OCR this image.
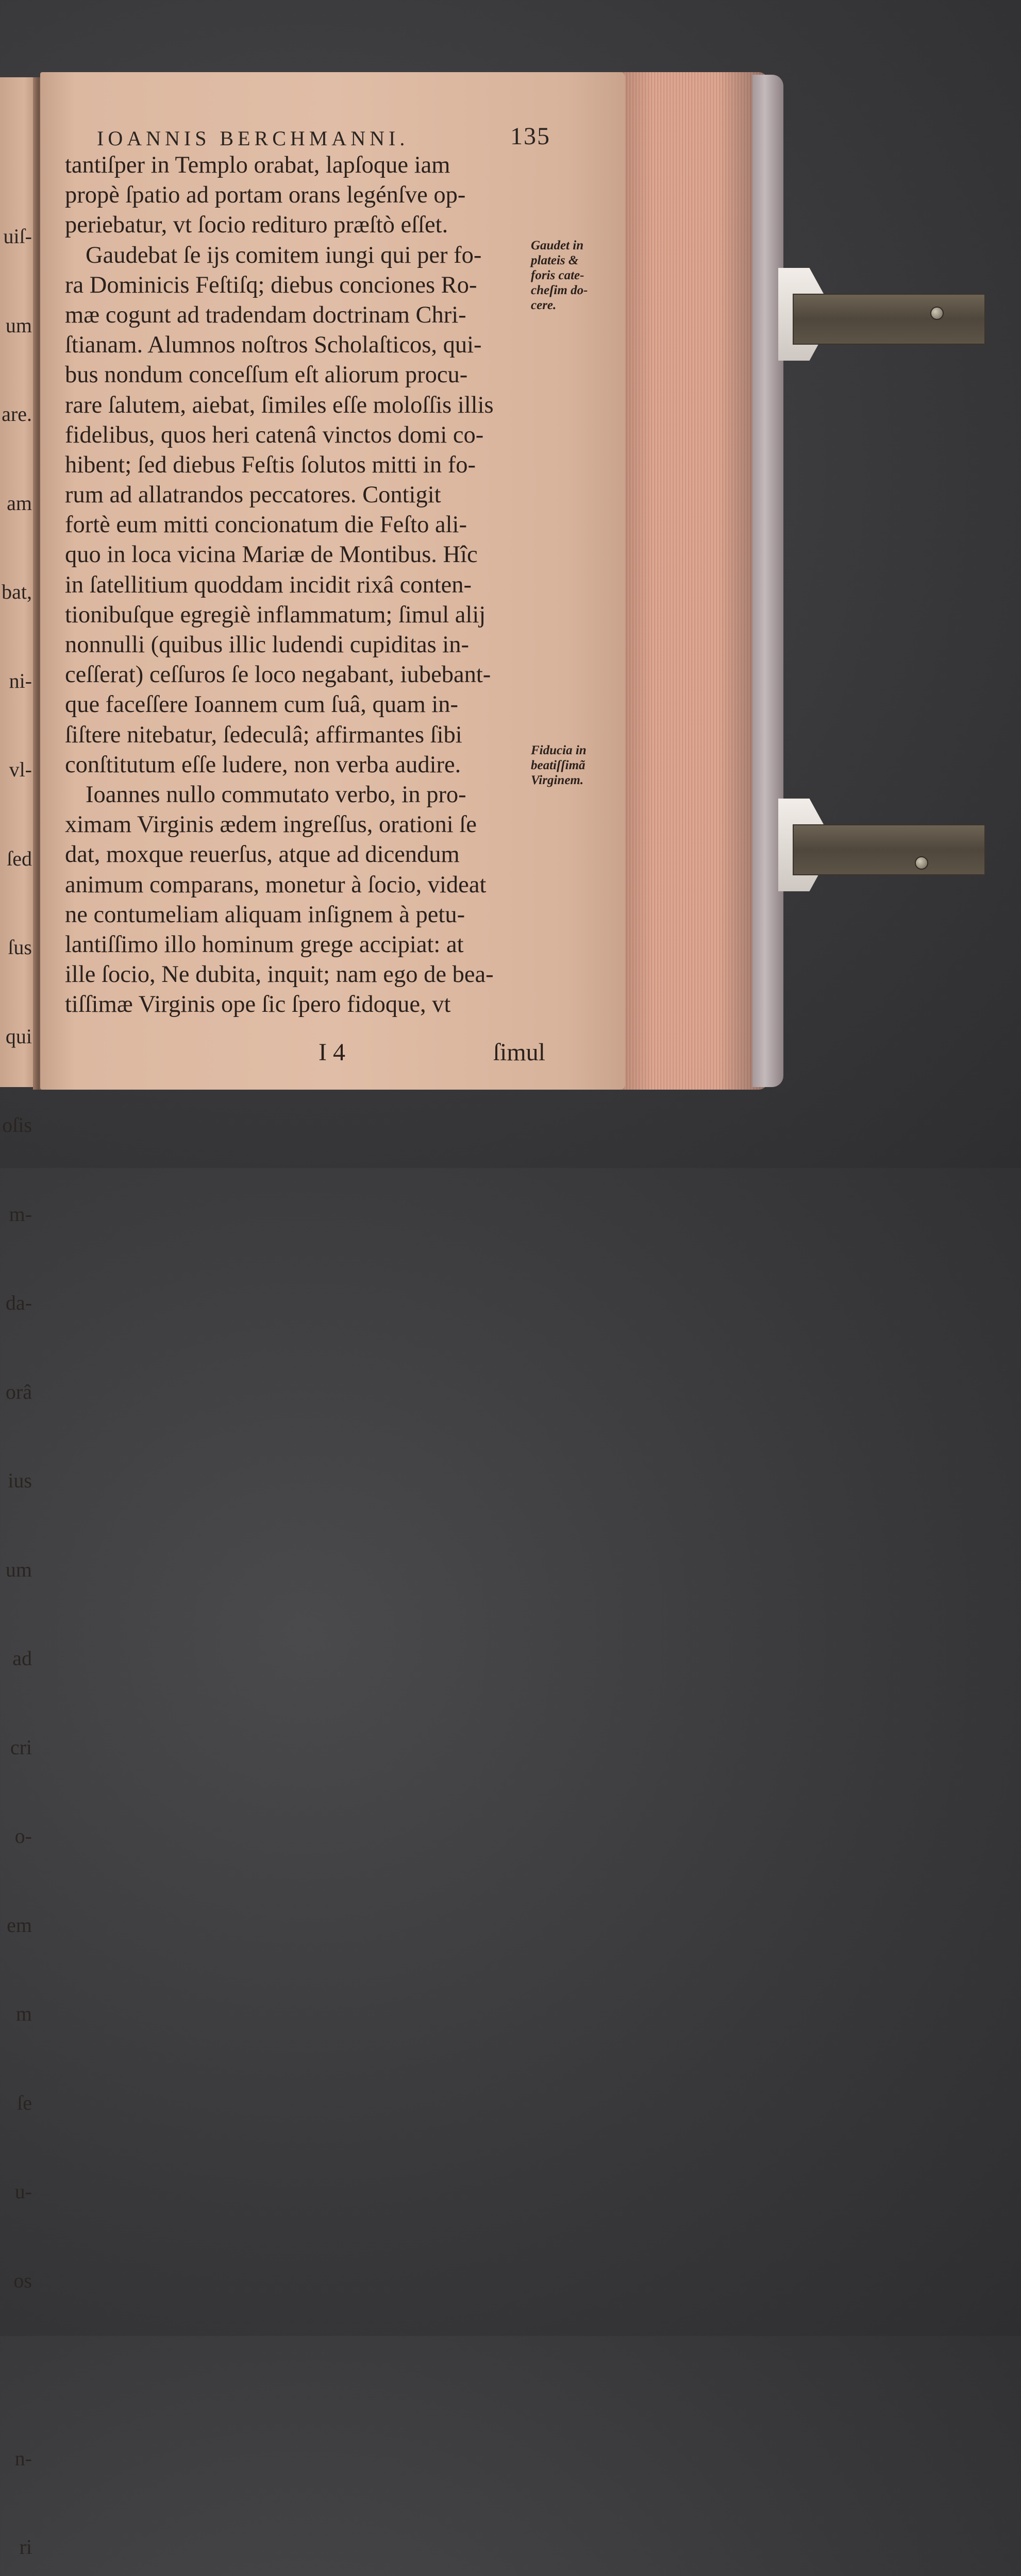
uiſ-

um

are.

am

bat,

ni-

vl-

ſed

ſus

qui

oſis

m-

da-

orâ

ius

um

ad

cri

o-

em

m

ſe

u-

os

n-

ri

IOANNIS BERCHMANNI.	135
tantiſper in Templo orabat, lapſoque iam
propè ſpatio ad portam orans legénſve op-
periebatur, vt ſocio redituro præſtò eſſet.
Gaudebat ſe ijs comitem iungi qui per fo-
ra Dominicis Feſtiſq; diebus conciones Ro-
mæ cogunt ad tradendam doctrinam Chri-
ſtianam. Alumnos noſtros Scholaſticos, qui-
bus nondum conceſſum eſt aliorum procu-
rare ſalutem, aiebat, ſimiles eſſe moloſſis illis
fidelibus, quos heri catenâ vinctos domi co-
hibent; ſed diebus Feſtis ſolutos mitti in fo-
rum ad allatrandos peccatores. Contigit
fortè eum mitti concionatum die Feſto ali-
quo in loca vicina Mariæ de Montibus. Hîc
in ſatellitium quoddam incidit rixâ conten-
tionibuſque egregiè inflammatum; ſimul alij
nonnulli (quibus illic ludendi cupiditas in-
ceſſerat) ceſſuros ſe loco negabant, iubebant-
que faceſſere Ioannem cum ſuâ, quam in-
ſiſtere nitebatur, ſedeculâ; affirmantes ſibi
conſtitutum eſſe ludere, non verba audire.
Ioannes nullo commutato verbo, in pro-
ximam Virginis ædem ingreſſus, orationi ſe
dat, moxque reuerſus, atque ad dicendum
animum comparans, monetur à ſocio, videat
ne contumeliam aliquam inſignem à petu-
lantiſſimo illo hominum grege accipiat: at
ille ſocio, Ne dubita, inquit; nam ego de bea-
tiſſimæ Virginis ope ſic ſpero fidoque, vt
Gaudet in
plateis &
foris cate-
cheſim do-
cere.
Fiducia in
beatiſſimã
Virginem.
I 4	ſimul
